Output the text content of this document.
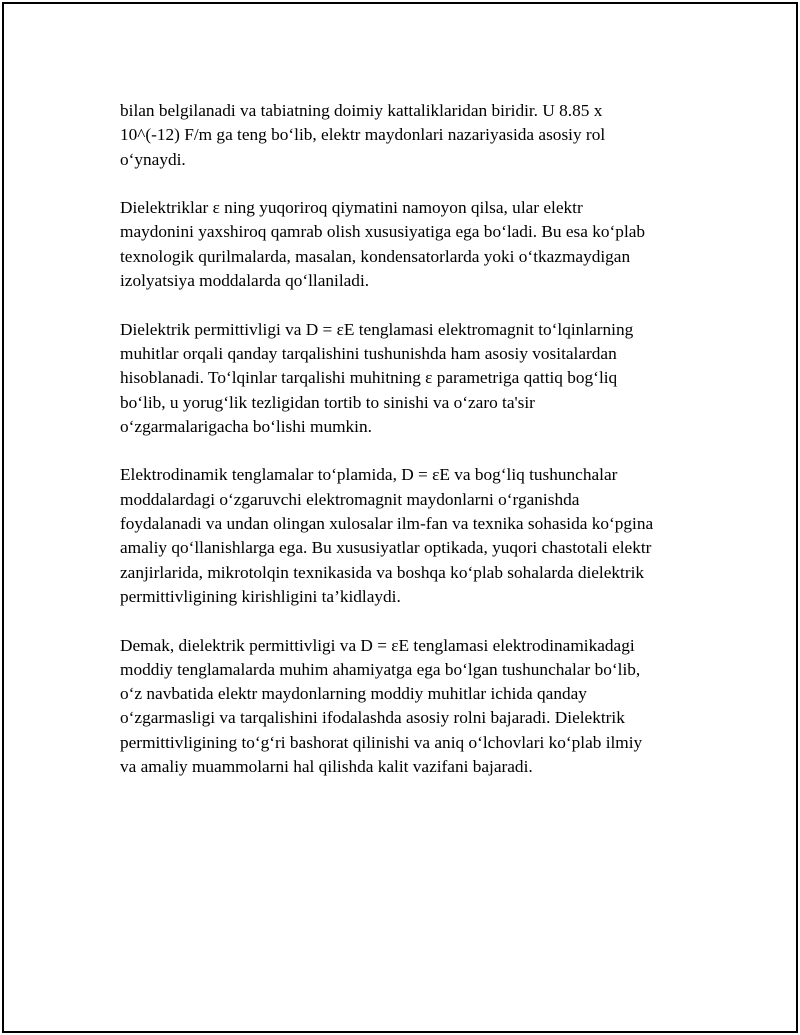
bilan belgilanadi va tabiatning doimiy kattaliklaridan biridir. U 8.85 x
10^(-12) F/m ga teng bo‘lib, elektr maydonlari nazariyasida asosiy rol
o‘ynaydi.

Dielektriklar ε ning yuqoriroq qiymatini namoyon qilsa, ular elektr
maydonini yaxshiroq qamrab olish xususiyatiga ega bo‘ladi. Bu esa ko‘plab
texnologik qurilmalarda, masalan, kondensatorlarda yoki o‘tkazmaydigan
izolyatsiya moddalarda qo‘llaniladi.

Dielektrik permittivligi va D = εE tenglamasi elektromagnit to‘lqinlarning
muhitlar orqali qanday tarqalishini tushunishda ham asosiy vositalardan
hisoblanadi. To‘lqinlar tarqalishi muhitning ε parametriga qattiq bog‘liq
bo‘lib, u yorug‘lik tezligidan tortib to sinishi va o‘zaro ta'sir
o‘zgarmalarigacha bo‘lishi mumkin.

Elektrodinamik tenglamalar to‘plamida, D = εE va bog‘liq tushunchalar
moddalardagi o‘zgaruvchi elektromagnit maydonlarni o‘rganishda
foydalanadi va undan olingan xulosalar ilm-fan va texnika sohasida ko‘pgina
amaliy qo‘llanishlarga ega. Bu xususiyatlar optikada, yuqori chastotali elektr
zanjirlarida, mikrotolqin texnikasida va boshqa ko‘plab sohalarda dielektrik
permittivligining kirishligini ta’kidlaydi.

Demak, dielektrik permittivligi va D = εE tenglamasi elektrodinamikadagi
moddiy tenglamalarda muhim ahamiyatga ega bo‘lgan tushunchalar bo‘lib,
o‘z navbatida elektr maydonlarning moddiy muhitlar ichida qanday
o‘zgarmasligi va tarqalishini ifodalashda asosiy rolni bajaradi. Dielektrik
permittivligining to‘g‘ri bashorat qilinishi va aniq o‘lchovlari ko‘plab ilmiy
va amaliy muammolarni hal qilishda kalit vazifani bajaradi.
